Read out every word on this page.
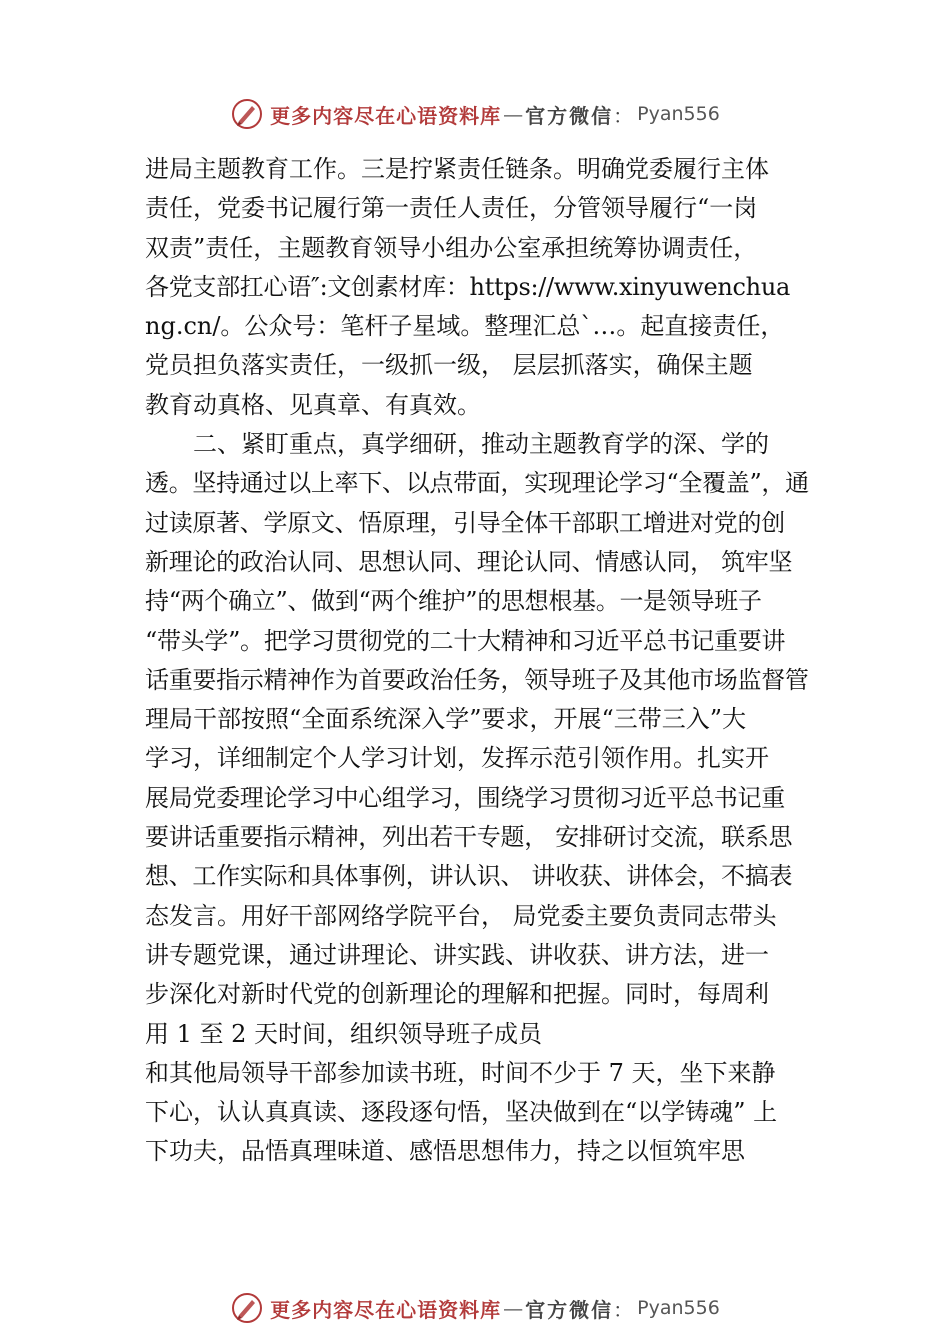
更多内容尽在心语资料库 — 官方微信 ： Pyan556
进局主题教育工作。三是拧紧责任链条。明确党委履行主体
责任，党委书记履行第一责任人责任，分管领导履行“一岗
双责”责任，主题教育领导小组办公室承担统筹协调责任，
各党支部扛心语″:文创素材库：https://www.xinyuwenchua
ng.cn/。公众号：笔杆子星域。整理汇总`…。起直接责任，
党员担负落实责任，一级抓一级， 层层抓落实，确保主题
教育动真格、见真章、有真效。
二、紧盯重点，真学细研，推动主题教育学的深、学的
透。坚持通过以上率下、以点带面，实现理论学习“全覆盖”，通
过读原著、学原文、悟原理，引导全体干部职工增进对党的创
新理论的政治认同、思想认同、理论认同、情感认同， 筑牢坚
持“两个确立”、做到“两个维护”的思想根基。一是领导班子
“带头学”。把学习贯彻党的二十大精神和习近平总书记重要讲
话重要指示精神作为首要政治任务，领导班子及其他市场监督管
理局干部按照“全面系统深入学”要求，开展“三带三入”大
学习，详细制定个人学习计划，发挥示范引领作用。扎实开
展局党委理论学习中心组学习，围绕学习贯彻习近平总书记重
要讲话重要指示精神，列出若干专题， 安排研讨交流，联系思
想、工作实际和具体事例，讲认识、 讲收获、讲体会，不搞表
态发言。用好干部网络学院平台， 局党委主要负责同志带头
讲专题党课，通过讲理论、讲实践、讲收获、讲方法，进一
步深化对新时代党的创新理论的理解和把握。同时，每周利
用 1 至 2 天时间，组织领导班子成员
和其他局领导干部参加读书班，时间不少于 7 天，坐下来静
下心，认认真真读、逐段逐句悟，坚决做到在“以学铸魂” 上
下功夫，品悟真理味道、感悟思想伟力，持之以恒筑牢思
更多内容尽在心语资料库 — 官方微信 ： Pyan556
